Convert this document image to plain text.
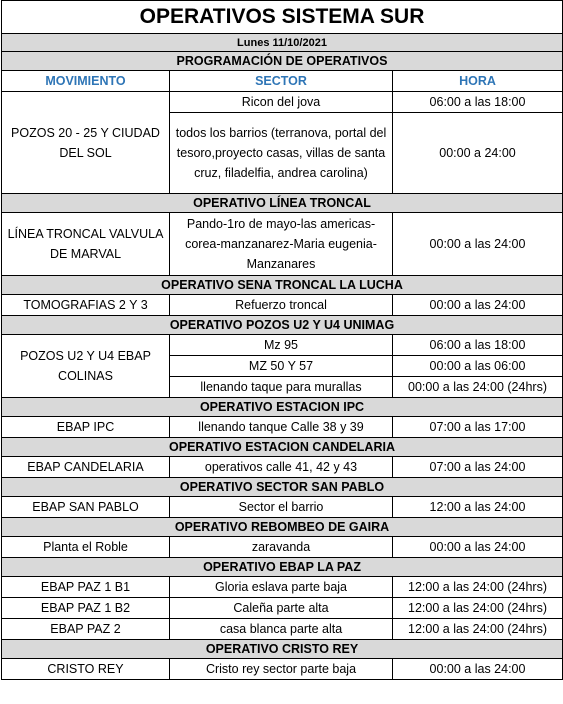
OPERATIVOS SISTEMA SUR		
Lunes 11/10/2021		
PROGRAMACIÓN DE OPERATIVOS		
MOVIMIENTO	SECTOR	HORA
POZOS 20 - 25 Y CIUDAD DEL SOL	Ricon del jova	06:00 a las 18:00
	todos los barrios (terranova, portal del tesoro,proyecto casas, villas de santa cruz, filadelfia, andrea carolina)	00:00 a 24:00
OPERATIVO LÍNEA TRONCAL		
LÍNEA TRONCAL VALVULA DE MARVAL	Pando-1ro de mayo-las americas-corea-manzanarez-Maria eugenia-Manzanares	00:00 a las 24:00
OPERATIVO SENA TRONCAL LA LUCHA		
TOMOGRAFIAS 2 Y 3	Refuerzo troncal	00:00 a las 24:00
OPERATIVO POZOS U2 Y U4 UNIMAG		
POZOS U2 Y U4 EBAP COLINAS	Mz 95	06:00 a las 18:00
	MZ 50 Y 57	00:00 a las 06:00
	llenando taque para murallas	00:00 a las 24:00 (24hrs)
OPERATIVO ESTACION IPC		
EBAP IPC	llenando tanque Calle 38 y 39	07:00 a las 17:00
OPERATIVO ESTACION CANDELARIA		
EBAP CANDELARIA	operativos calle 41, 42 y 43	07:00 a las 24:00
OPERATIVO SECTOR SAN PABLO		
EBAP SAN PABLO	Sector el barrio	12:00 a las 24:00
OPERATIVO REBOMBEO DE GAIRA		
Planta el Roble	zaravanda	00:00 a las 24:00
OPERATIVO EBAP LA PAZ		
EBAP PAZ 1 B1	Gloria eslava parte baja	12:00 a las 24:00 (24hrs)
EBAP PAZ 1 B2	Caleña parte alta	12:00 a las 24:00 (24hrs)
EBAP PAZ 2	casa blanca parte alta	12:00 a las 24:00 (24hrs)
OPERATIVO CRISTO REY		
CRISTO REY	Cristo rey sector parte baja	00:00 a las 24:00
